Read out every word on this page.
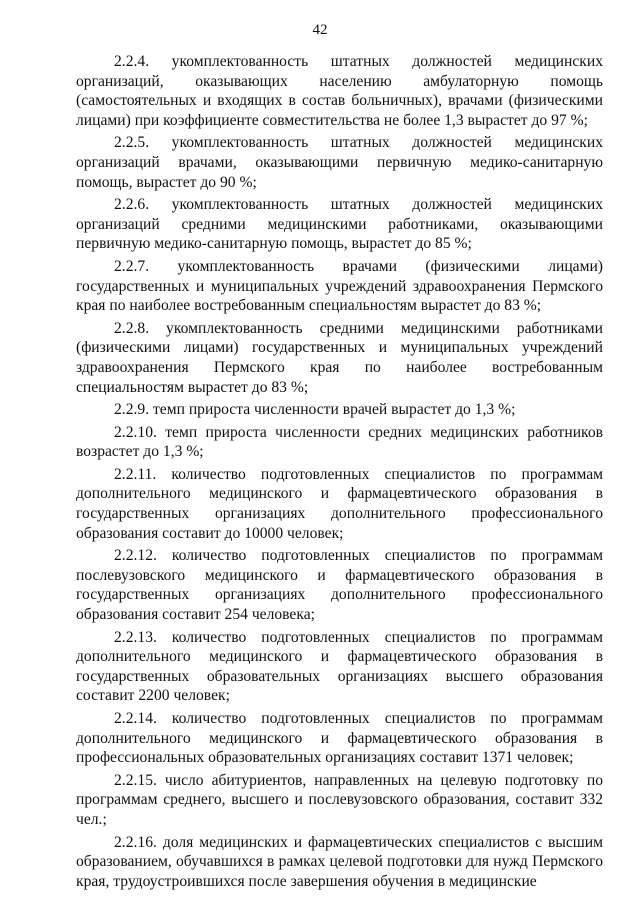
42

2.2.4. укомплектованность штатных должностей медицинских организаций, оказывающих населению амбулаторную помощь (самостоятельных и входящих в состав больничных), врачами (физическими лицами) при коэффициенте совместительства не более 1,3 вырастет до 97 %;

2.2.5. укомплектованность штатных должностей медицинских организаций врачами, оказывающими первичную медико-санитарную помощь, вырастет до 90 %;

2.2.6. укомплектованность штатных должностей медицинских организаций средними медицинскими работниками, оказывающими первичную медико-санитарную помощь, вырастет до 85 %;

2.2.7. укомплектованность врачами (физическими лицами) государственных и муниципальных учреждений здравоохранения Пермского края по наиболее востребованным специальностям вырастет до 83 %;

2.2.8. укомплектованность средними медицинскими работниками (физическими лицами) государственных и муниципальных учреждений здравоохранения Пермского края по наиболее востребованным специальностям вырастет до 83 %;

2.2.9. темп прироста численности врачей вырастет до 1,3 %;

2.2.10. темп прироста численности средних медицинских работников возрастет до 1,3 %;

2.2.11. количество подготовленных специалистов по программам дополнительного медицинского и фармацевтического образования в государственных организациях дополнительного профессионального образования составит до 10000 человек;

2.2.12. количество подготовленных специалистов по программам послевузовского медицинского и фармацевтического образования в государственных организациях дополнительного профессионального образования составит 254 человека;

2.2.13. количество подготовленных специалистов по программам дополнительного медицинского и фармацевтического образования в государственных образовательных организациях высшего образования составит 2200 человек;

2.2.14. количество подготовленных специалистов по программам дополнительного медицинского и фармацевтического образования в профессиональных образовательных организациях составит 1371 человек;

2.2.15. число абитуриентов, направленных на целевую подготовку по программам среднего, высшего и послевузовского образования, составит 332 чел.;

2.2.16. доля медицинских и фармацевтических специалистов с высшим образованием, обучавшихся в рамках целевой подготовки для нужд Пермского края, трудоустроившихся после завершения обучения в медицинские
